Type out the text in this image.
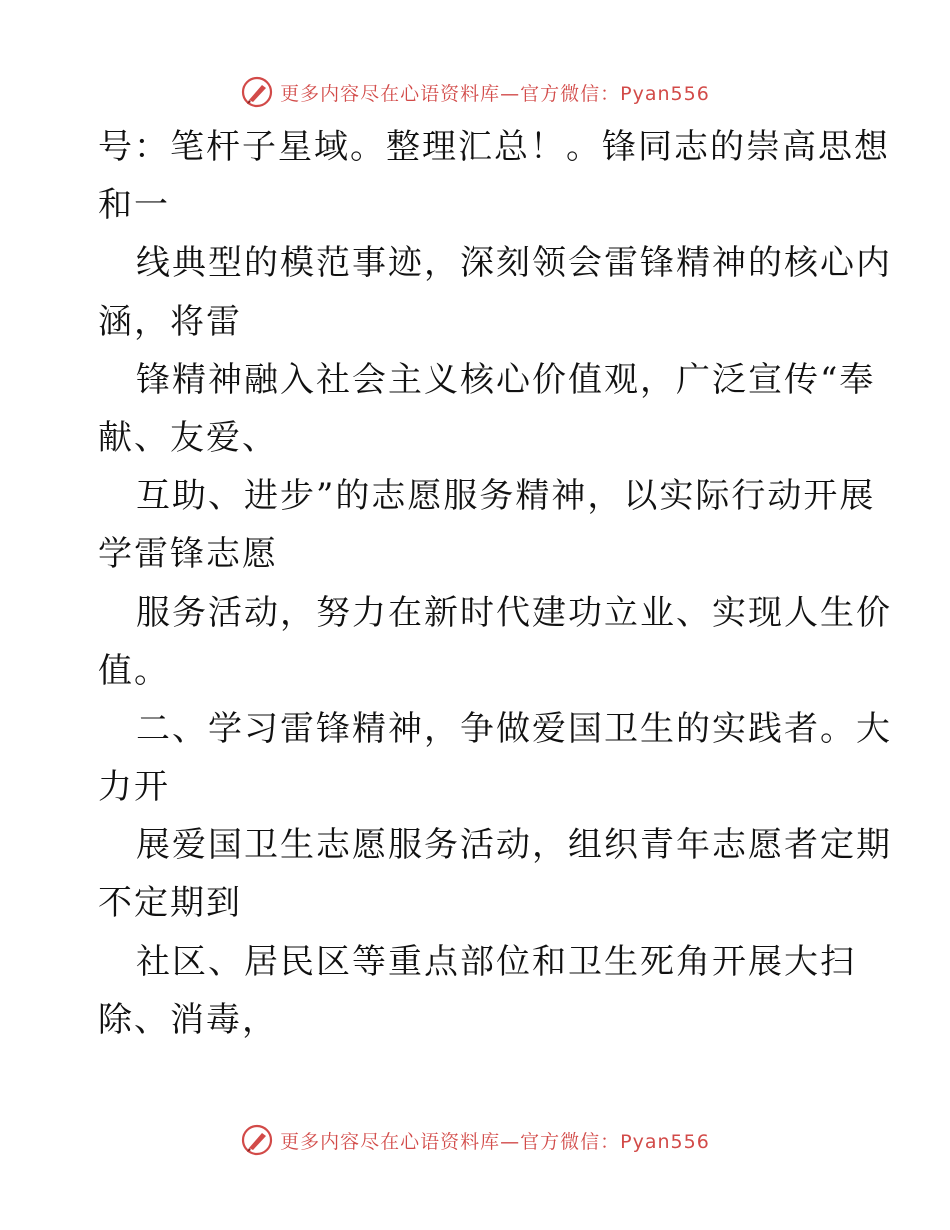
更多内容尽在心语资料库—官方微信：Pyan556
号：笔杆子星域。整理汇总！。锋同志的崇高思想
和一
线典型的模范事迹，深刻领会雷锋精神的核心内
涵，将雷
锋精神融入社会主义核心价值观，广泛宣传“奉
献、友爱、
互助、进步”的志愿服务精神，以实际行动开展
学雷锋志愿
服务活动，努力在新时代建功立业、实现人生价
值。
二、学习雷锋精神，争做爱国卫生的实践者。大
力开
展爱国卫生志愿服务活动，组织青年志愿者定期
不定期到
社区、居民区等重点部位和卫生死角开展大扫
除、消毒，
更多内容尽在心语资料库—官方微信：Pyan556
